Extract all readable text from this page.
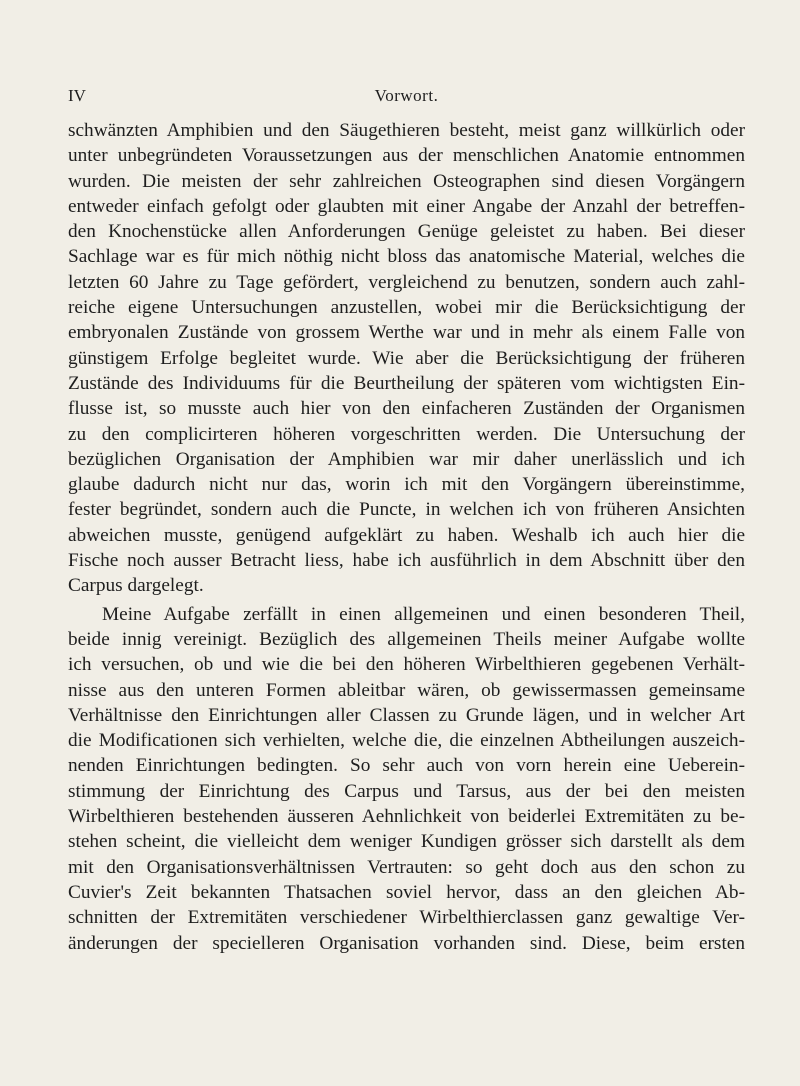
IV	Vorwort.
schwänzten Amphibien und den Säugethieren besteht, meist ganz willkürlich oder
unter unbegründeten Voraussetzungen aus der menschlichen Anatomie entnommen
wurden. Die meisten der sehr zahlreichen Osteographen sind diesen Vorgängern
entweder einfach gefolgt oder glaubten mit einer Angabe der Anzahl der betreffen-
den Knochenstücke allen Anforderungen Genüge geleistet zu haben. Bei dieser
Sachlage war es für mich nöthig nicht bloss das anatomische Material, welches die
letzten 60 Jahre zu Tage gefördert, vergleichend zu benutzen, sondern auch zahl-
reiche eigene Untersuchungen anzustellen, wobei mir die Berücksichtigung der
embryonalen Zustände von grossem Werthe war und in mehr als einem Falle von
günstigem Erfolge begleitet wurde. Wie aber die Berücksichtigung der früheren
Zustände des Individuums für die Beurtheilung der späteren vom wichtigsten Ein-
flusse ist, so musste auch hier von den einfacheren Zuständen der Organismen
zu den complicirteren höheren vorgeschritten werden. Die Untersuchung der
bezüglichen Organisation der Amphibien war mir daher unerlässlich und ich
glaube dadurch nicht nur das, worin ich mit den Vorgängern übereinstimme,
fester begründet, sondern auch die Puncte, in welchen ich von früheren Ansichten
abweichen musste, genügend aufgeklärt zu haben. Weshalb ich auch hier die
Fische noch ausser Betracht liess, habe ich ausführlich in dem Abschnitt über den
Carpus dargelegt.
Meine Aufgabe zerfällt in einen allgemeinen und einen besonderen Theil,
beide innig vereinigt. Bezüglich des allgemeinen Theils meiner Aufgabe wollte
ich versuchen, ob und wie die bei den höheren Wirbelthieren gegebenen Verhält-
nisse aus den unteren Formen ableitbar wären, ob gewissermassen gemeinsame
Verhältnisse den Einrichtungen aller Classen zu Grunde lägen, und in welcher Art
die Modificationen sich verhielten, welche die, die einzelnen Abtheilungen auszeich-
nenden Einrichtungen bedingten. So sehr auch von vorn herein eine Ueberein-
stimmung der Einrichtung des Carpus und Tarsus, aus der bei den meisten
Wirbelthieren bestehenden äusseren Aehnlichkeit von beiderlei Extremitäten zu be-
stehen scheint, die vielleicht dem weniger Kundigen grösser sich darstellt als dem
mit den Organisationsverhältnissen Vertrauten: so geht doch aus den schon zu
Cuvier's Zeit bekannten Thatsachen soviel hervor, dass an den gleichen Ab-
schnitten der Extremitäten verschiedener Wirbelthierclassen ganz gewaltige Ver-
änderungen der specielleren Organisation vorhanden sind. Diese, beim ersten
